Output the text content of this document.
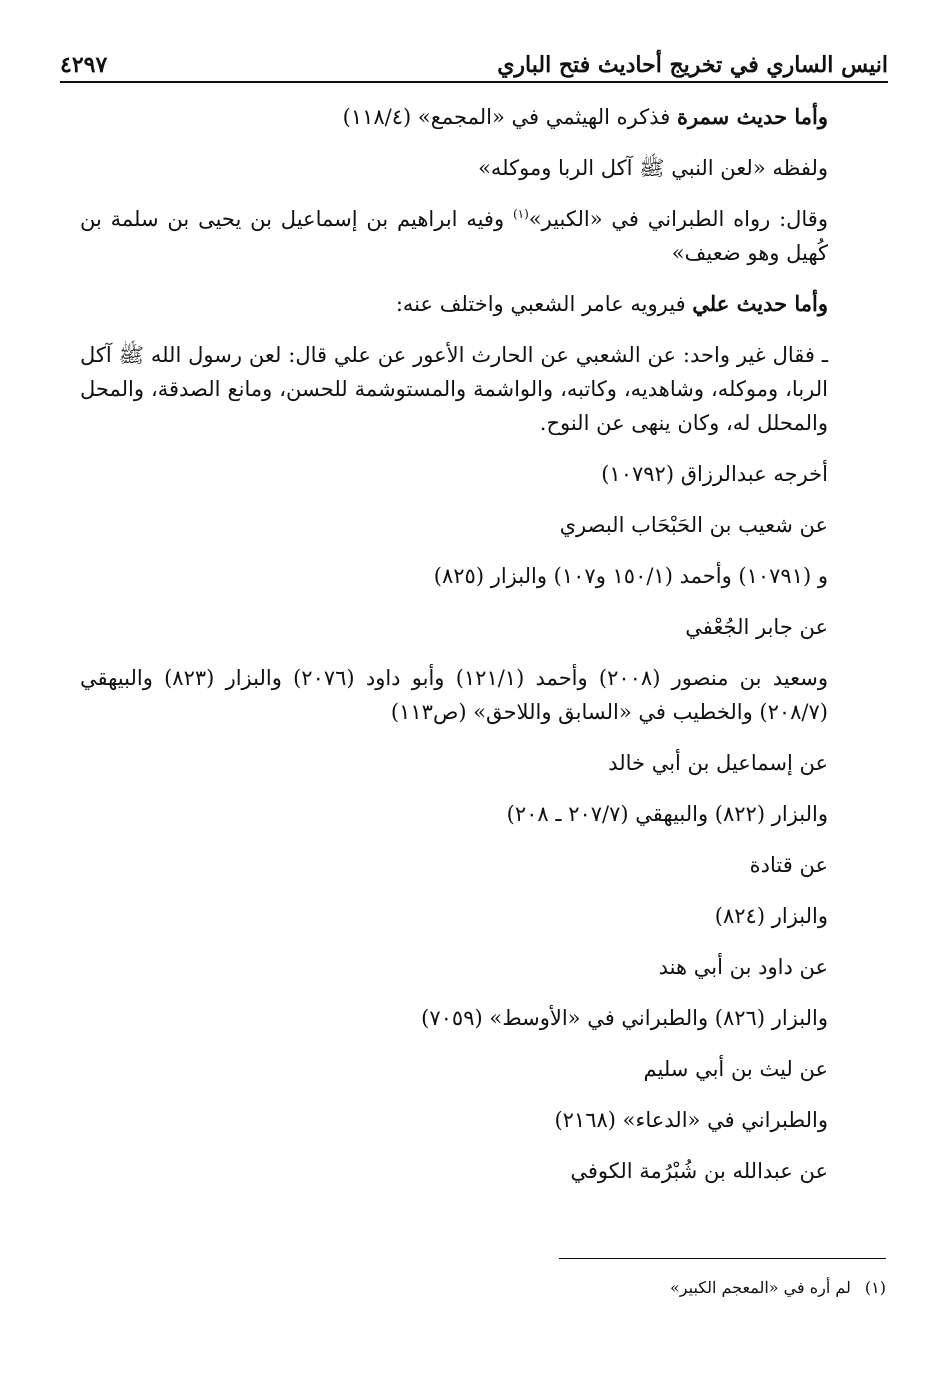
انيس الساري في تخريج أحاديث فتح الباري
٤٢٩٧

وأما حديث سمرة فذكره الهيثمي في «المجمع» (١١٨/٤)

ولفظه «لعن النبي ﷺ آكل الربا وموكله»

وقال: رواه الطبراني في «الكبير»$^{(١)}$ وفيه ابراهيم بن إسماعيل بن يحيى بن سلمة بن كُهيل وهو ضعيف»

وأما حديث علي فيرويه عامر الشعبي واختلف عنه:

ـ فقال غير واحد: عن الشعبي عن الحارث الأعور عن علي قال: لعن رسول الله ﷺ آكل الربا، وموكله، وشاهديه، وكاتبه، والواشمة والمستوشمة للحسن، ومانع الصدقة، والمحل والمحلل له، وكان ينهى عن النوح.

أخرجه عبدالرزاق (١٠٧٩٢)

عن شعيب بن الحَبْحَاب البصري

و (١٠٧٩١) وأحمد (١٥٠/١ و١٠٧) والبزار (٨٢٥)

عن جابر الجُعْفي

وسعيد بن منصور (٢٠٠٨) وأحمد (١٢١/١) وأبو داود (٢٠٧٦) والبزار (٨٢٣) والبيهقي (٢٠٨/٧) والخطيب في «السابق واللاحق» (ص١١٣)

عن إسماعيل بن أبي خالد

والبزار (٨٢٢) والبيهقي (٢٠٧/٧ ـ ٢٠٨)

عن قتادة

والبزار (٨٢٤)

عن داود بن أبي هند

والبزار (٨٢٦) والطبراني في «الأوسط» (٧٠٥٩)

عن ليث بن أبي سليم

والطبراني في «الدعاء» (٢١٦٨)

عن عبدالله بن شُبْرُمة الكوفي

(١)لم أره في «المعجم الكبير»
